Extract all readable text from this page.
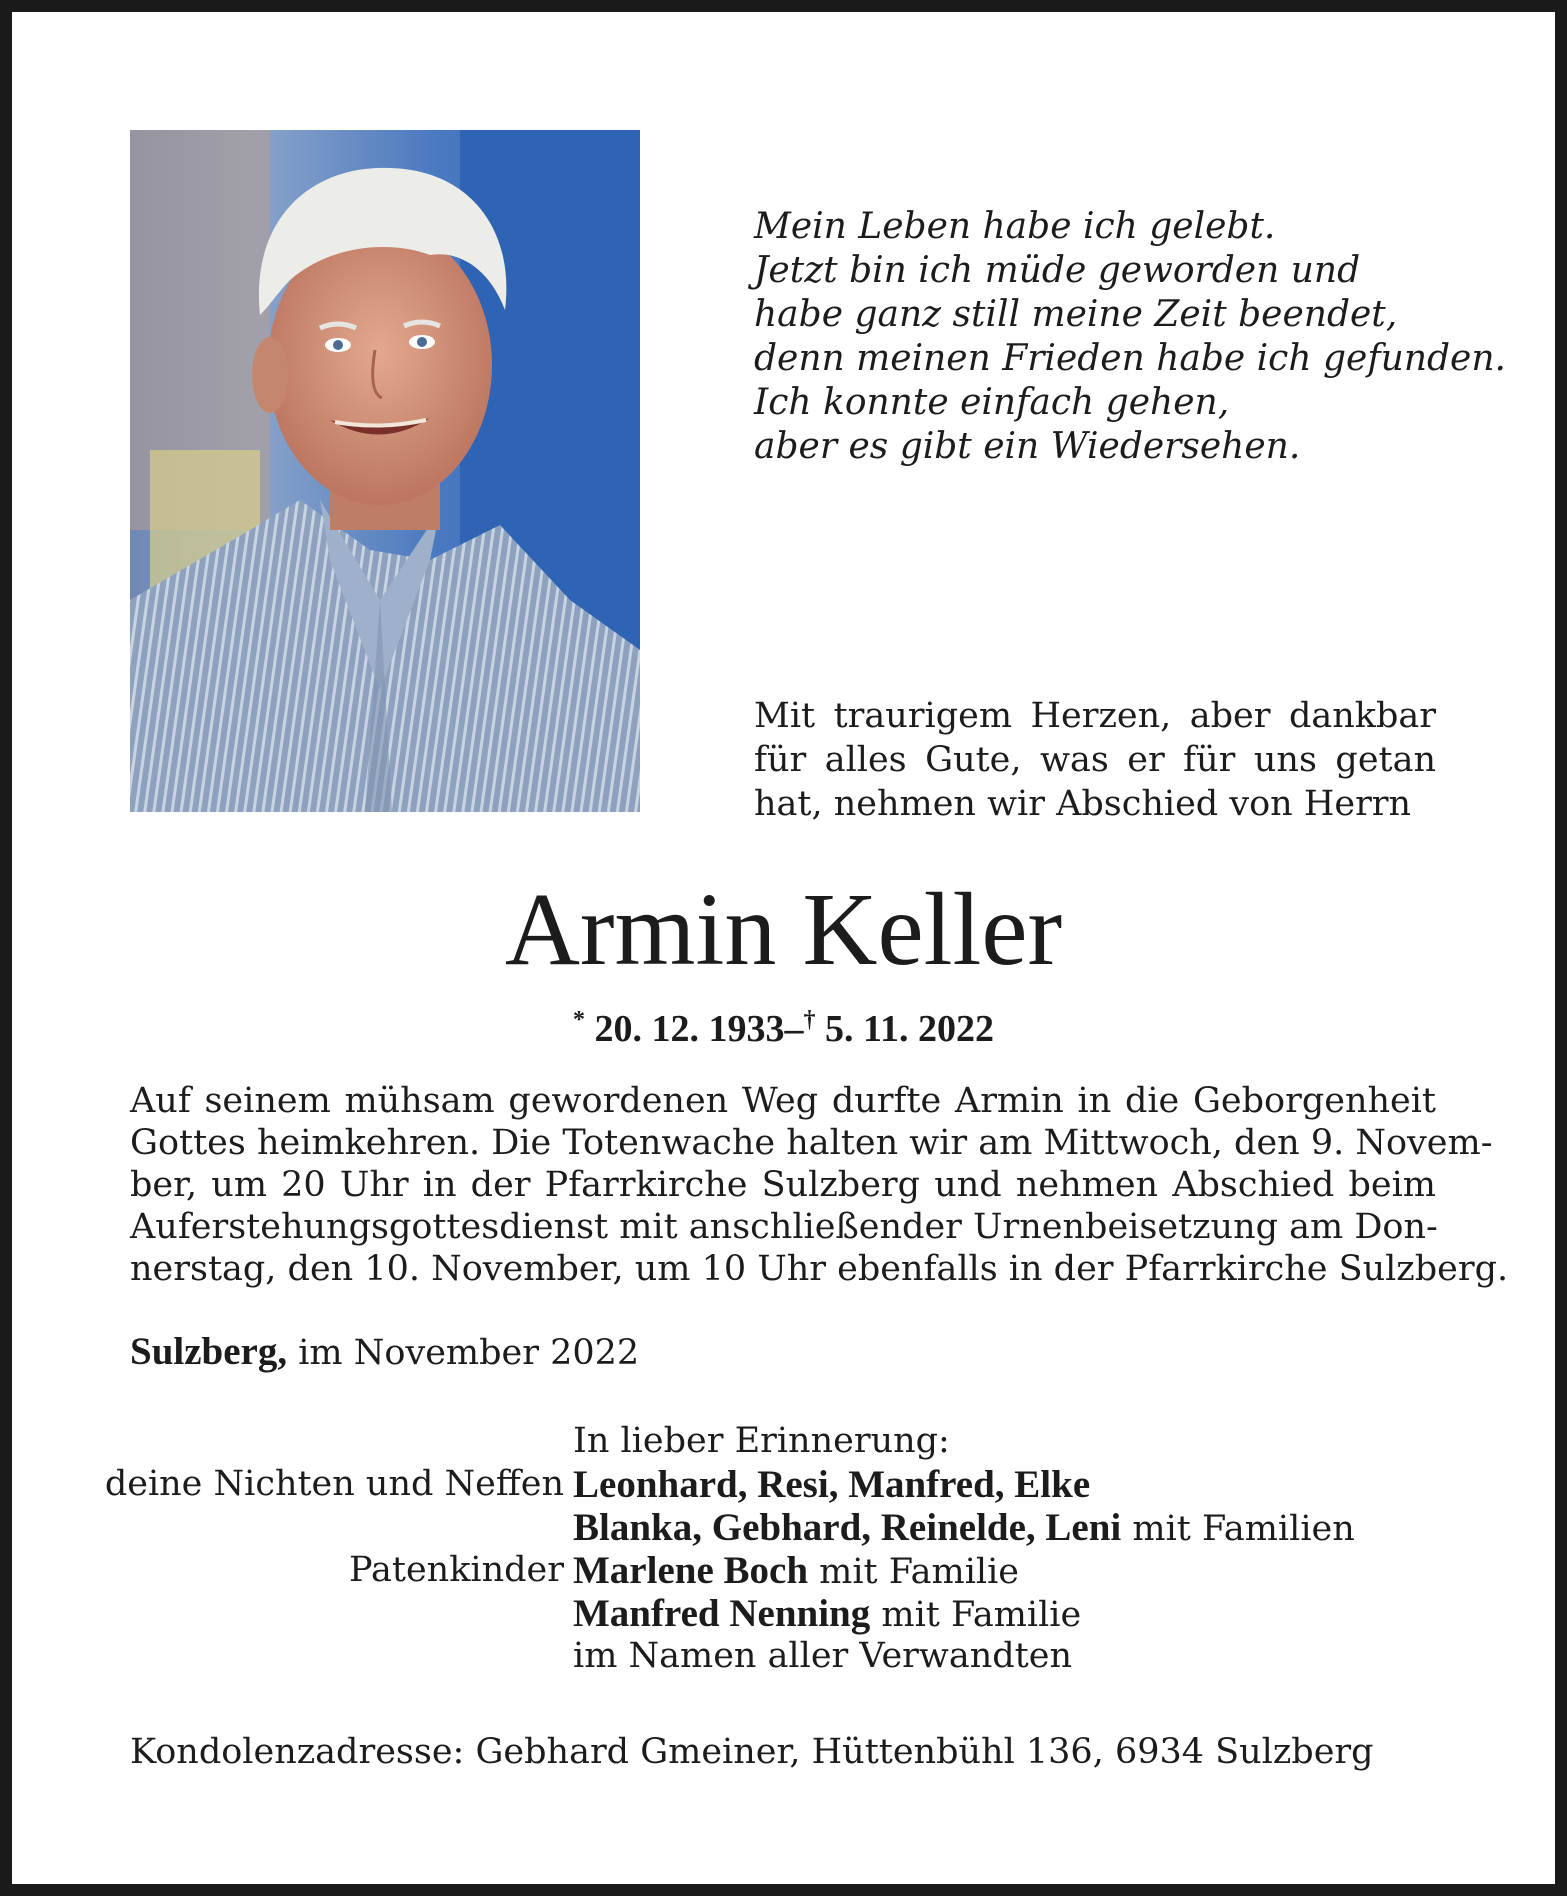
Mein Leben habe ich gelebt.
Jetzt bin ich müde geworden und
habe ganz still meine Zeit beendet,
denn meinen Frieden habe ich gefunden.
Ich konnte einfach gehen,
aber es gibt ein Wiedersehen.
Mit traurigem Herzen, aber dankbar für alles Gute, was er für uns getan hat, nehmen wir Abschied von Herrn
Armin Keller
* 20. 12. 1933–† 5. 11. 2022
Auf seinem mühsam gewordenen Weg durfte Armin in die Geborgenheit
Gottes heimkehren. Die Totenwache halten wir am Mittwoch, den 9. Novem-
ber, um 20 Uhr in der Pfarrkirche Sulzberg und nehmen Abschied beim
Auferstehungsgottesdienst mit anschließender Urnenbeisetzung am Don-
nerstag, den 10. November, um 10 Uhr ebenfalls in der Pfarrkirche Sulzberg.
Sulzberg, im November 2022
In lieber Erinnerung:
deine Nichten und Neffen Leonhard, Resi, Manfred, Elke
Blanka, Gebhard, Reinelde, Leni mit Familien
Patenkinder Marlene Boch mit Familie
Manfred Nenning mit Familie
im Namen aller Verwandten
Kondolenzadresse: Gebhard Gmeiner, Hüttenbühl 136, 6934 Sulzberg
